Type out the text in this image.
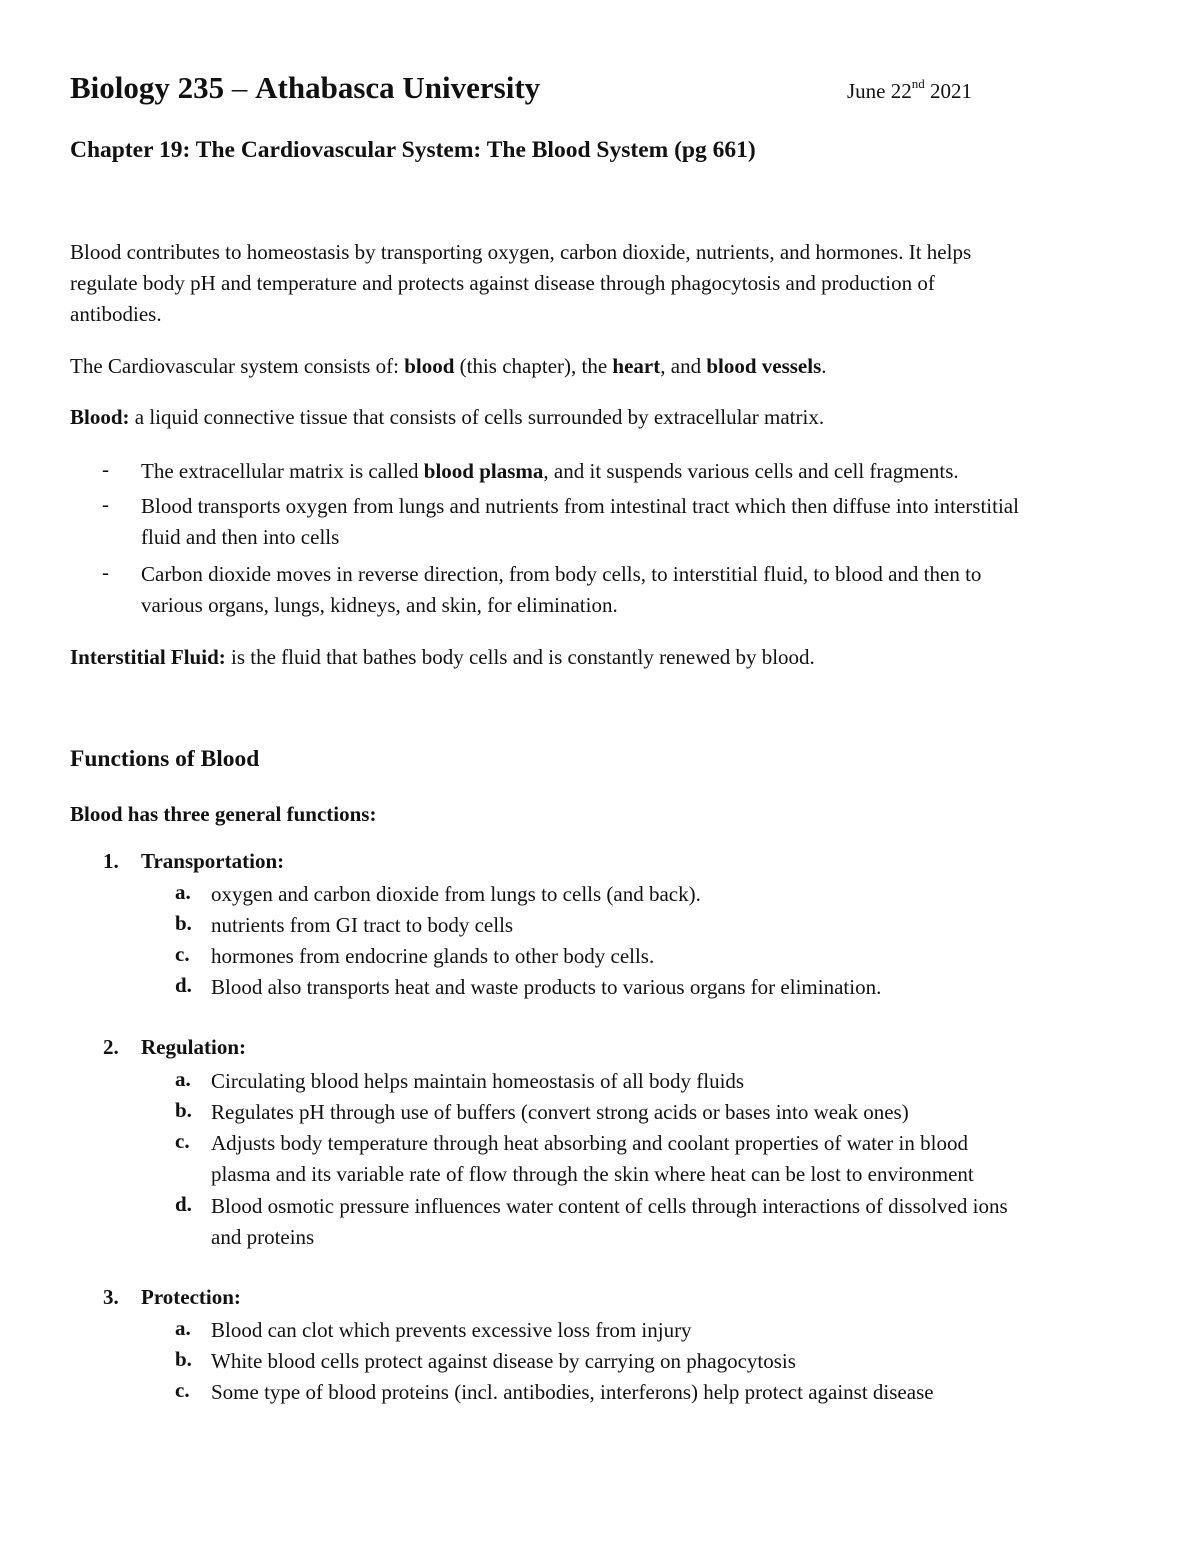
Biology 235 – Athabasca University	June 22nd 2021
Chapter 19: The Cardiovascular System: The Blood System (pg 661)
Blood contributes to homeostasis by transporting oxygen, carbon dioxide, nutrients, and hormones. It helps
regulate body pH and temperature and protects against disease through phagocytosis and production of
antibodies.
The Cardiovascular system consists of: blood (this chapter), the heart, and blood vessels.
Blood: a liquid connective tissue that consists of cells surrounded by extracellular matrix.
- The extracellular matrix is called blood plasma, and it suspends various cells and cell fragments.
- Blood transports oxygen from lungs and nutrients from intestinal tract which then diffuse into interstitial
fluid and then into cells
- Carbon dioxide moves in reverse direction, from body cells, to interstitial fluid, to blood and then to
various organs, lungs, kidneys, and skin, for elimination.
Interstitial Fluid: is the fluid that bathes body cells and is constantly renewed by blood.
Functions of Blood
Blood has three general functions:
1. Transportation:
a. oxygen and carbon dioxide from lungs to cells (and back).
b. nutrients from GI tract to body cells
c. hormones from endocrine glands to other body cells.
d. Blood also transports heat and waste products to various organs for elimination.
2. Regulation:
a. Circulating blood helps maintain homeostasis of all body fluids
b. Regulates pH through use of buffers (convert strong acids or bases into weak ones)
c. Adjusts body temperature through heat absorbing and coolant properties of water in blood
plasma and its variable rate of flow through the skin where heat can be lost to environment
d. Blood osmotic pressure influences water content of cells through interactions of dissolved ions
and proteins
3. Protection:
a. Blood can clot which prevents excessive loss from injury
b. White blood cells protect against disease by carrying on phagocytosis
c. Some type of blood proteins (incl. antibodies, interferons) help protect against disease
